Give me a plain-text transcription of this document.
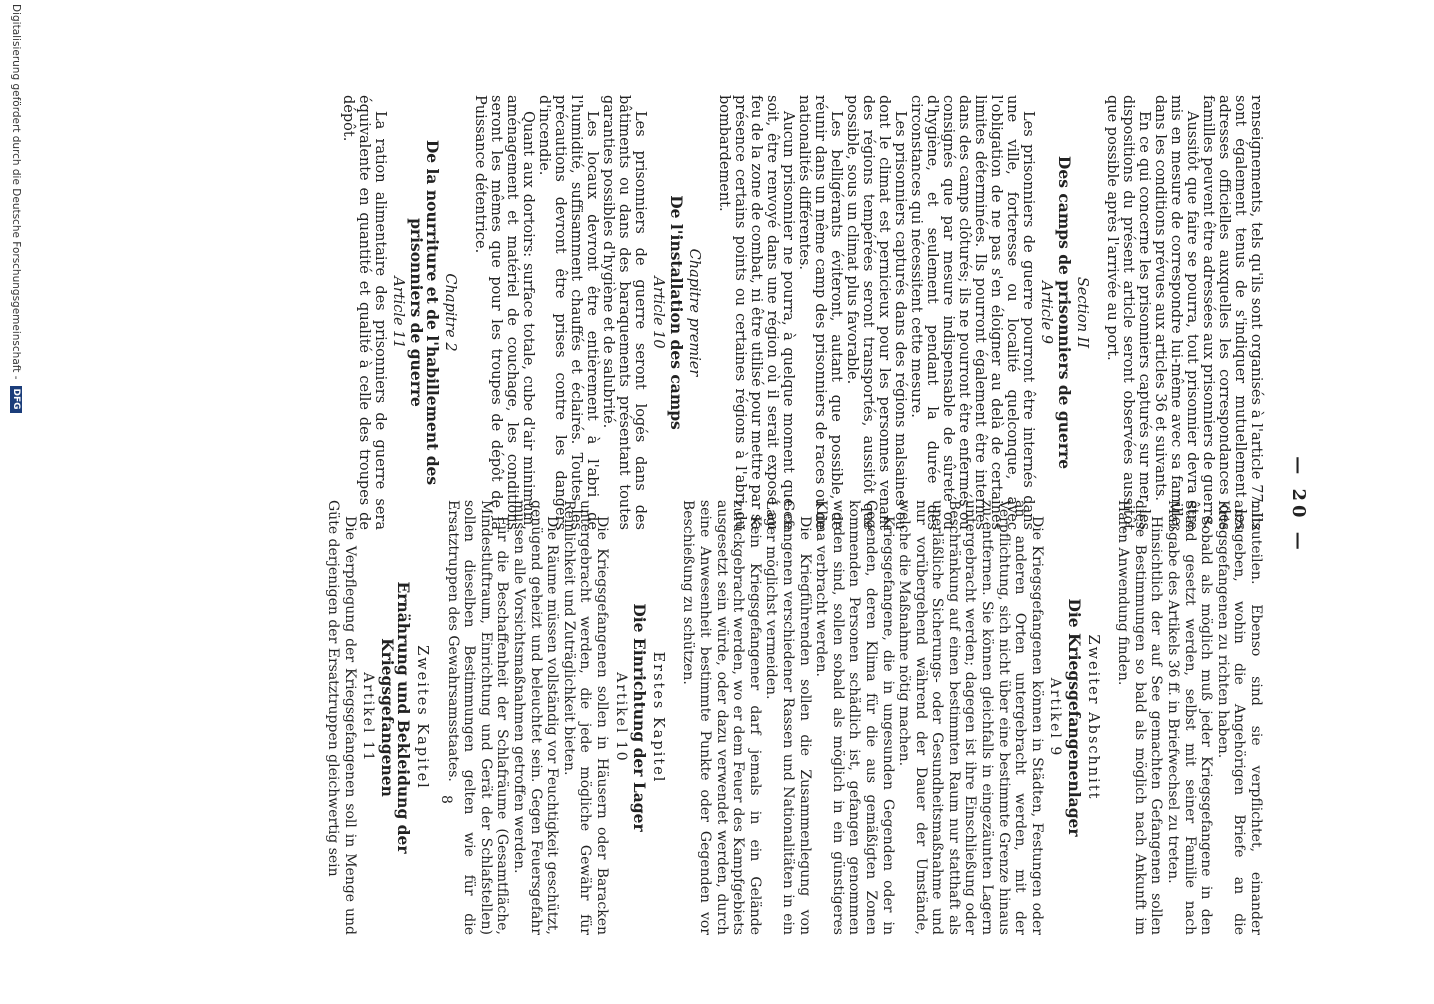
— 20 —

renseignements, tels qu'ils sont organisés à l'article 77. Ils sont également tenus de s'indiquer mutuellement les adresses officielles auxquelles les correspondances des familles peuvent être adressées aux prisonniers de guerre.

Aussitôt que faire se pourra, tout prisonnier devra être mis en mesure de correspondre lui-même avec sa famille, dans les conditions prévues aux articles 36 et suivants.

En ce qui concerne les prisonniers capturés sur mer, les dispositions du présent article seront observées aussitôt que possible après l'arrivée au port.

Section II
Des camps de prisonniers de guerre
Article 9

Les prisonniers de guerre pourront être internés dans une ville, forteresse ou localité quelconque, avec l'obligation de ne pas s'en éloigner au delà de certaines limites déterminées. Ils pourront également être internés dans des camps clôturés; ils ne pourront être enfermés ou consignés que par mesure indispensable de sûreté ou d'hygiène, et seulement pendant la durée des circonstances qui nécessitent cette mesure.

Les prisonniers capturés dans des régions malsaines ou dont le climat est pernicieux pour les personnes venant des régions tempérées seront transportés, aussitôt que possible, sous un climat plus favorable.

Les belligérants éviteront, autant que possible, de réunir dans un même camp des prisonniers de races ou de nationalités différentes.

Aucun prisonnier ne pourra, à quelque moment que ce soit, être renvoyé dans une région où il serait exposé au feu de la zone de combat, ni être utilisé pour mettre par sa présence certains points ou certaines régions à l'abri du bombardement.

Chapitre premier
De l'installation des camps
Article 10

Les prisonniers de guerre seront logés dans des bâtiments ou dans des baraquements présentant toutes garanties possibles d'hygiène et de salubrité.

Les locaux devront être entièrement à l'abri de l'humidité, suffisamment chauffés et éclairés. Toutes les précautions devront être prises contre les dangers d'incendie.

Quant aux dortoirs: surface totale, cube d'air minimum, aménagement et matériel de couchage, les conditions seront les mêmes que pour les troupes de dépôt de la Puissance détentrice.

Chapitre 2
De la nourriture et de l'habillement des prisonniers de guerre
Article 11

La ration alimentaire des prisonniers de guerre sera équivalente en quantité et qualité à celle des troupes de dépôt.

mitzuteilen. Ebenso sind sie verpflichtet, einander anzugeben, wohin die Angehörigen Briefe an die Kriegsgefangenen zu richten haben.

Sobald als möglich muß jeder Kriegsgefangene in den Stand gesetzt werden, selbst mit seiner Familie nach Maßgabe des Artikels 36 ff. in Briefwechsel zu treten.

Hinsichtlich der auf See gemachten Gefangenen sollen diese Bestimmungen so bald als möglich nach Ankunft im Hafen Anwendung finden.

Zweiter Abschnitt
Die Kriegsgefangenenlager
Artikel 9

Die Kriegsgefangenen können in Städten, Festungen oder an anderen Orten untergebracht werden, mit der Verpflichtung, sich nicht über eine bestimmte Grenze hinaus zu entfernen. Sie können gleichfalls in eingezäunten Lagern untergebracht werden; dagegen ist ihre Einschließung oder Beschränkung auf einen bestimmten Raum nur statthaft als unerläßliche Sicherungs- oder Gesundheitsmaßnahme und nur vorübergehend während der Dauer der Umstände, welche die Maßnahme nötig machen.

Kriegsgefangene, die in ungesunden Gegenden oder in Gegenden, deren Klima für die aus gemäßigten Zonen kommenden Personen schädlich ist, gefangen genommen worden sind, sollen sobald als möglich in ein günstigeres Klima verbracht werden.

Die Kriegführenden sollen die Zusammenlegung von Gefangenen verschiedener Rassen und Nationalitäten in ein Lager möglichst vermeiden.

Kein Kriegsgefangener darf jemals in ein Gelände zurückgebracht werden, wo er dem Feuer des Kampfgebiets ausgesetzt sein würde, oder dazu verwendet werden, durch seine Anwesenheit bestimmte Punkte oder Gegenden vor Beschießung zu schützen.

Erstes Kapitel
Die Einrichtung der Lager
Artikel 10

Die Kriegsgefangenen sollen in Häusern oder Baracken untergebracht werden, die jede mögliche Gewähr für Reinlichkeit und Zuträglichkeit bieten.

Die Räume müssen vollständig vor Feuchtigkeit geschützt, genügend geheizt und beleuchtet sein. Gegen Feuersgefahr müssen alle Vorsichtsmaßnahmen getroffen werden.

Für die Beschaffenheit der Schlafräume (Gesamtfläche, Mindestluftraum, Einrichtung und Gerät der Schlafstellen) sollen dieselben Bestimmungen gelten wie für die Ersatztruppen des Gewahrsamsstaates.

Zweites Kapitel
Ernährung und Bekleidung der Kriegsgefangenen
Artikel 11

Die Verpflegung der Kriegsgefangenen soll in Menge und Güte derjenigen der Ersatztruppen gleichwertig sein	8
Digitalisierung gefördert durch die Deutsche Forschungsgemeinschaft -
DFG
